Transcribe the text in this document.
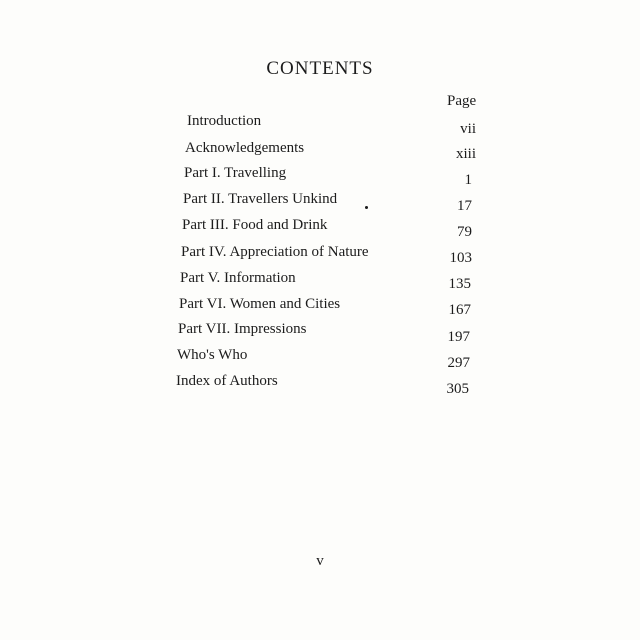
CONTENTS
Page
Introduction	vii
Acknowledgements	xiii
Part I. Travelling	1
Part II. Travellers Unkind	17
Part III. Food and Drink	79
Part IV. Appreciation of Nature	103
Part V. Information	135
Part VI. Women and Cities	167
Part VII. Impressions	197
Who's Who	297
Index of Authors	305
v
